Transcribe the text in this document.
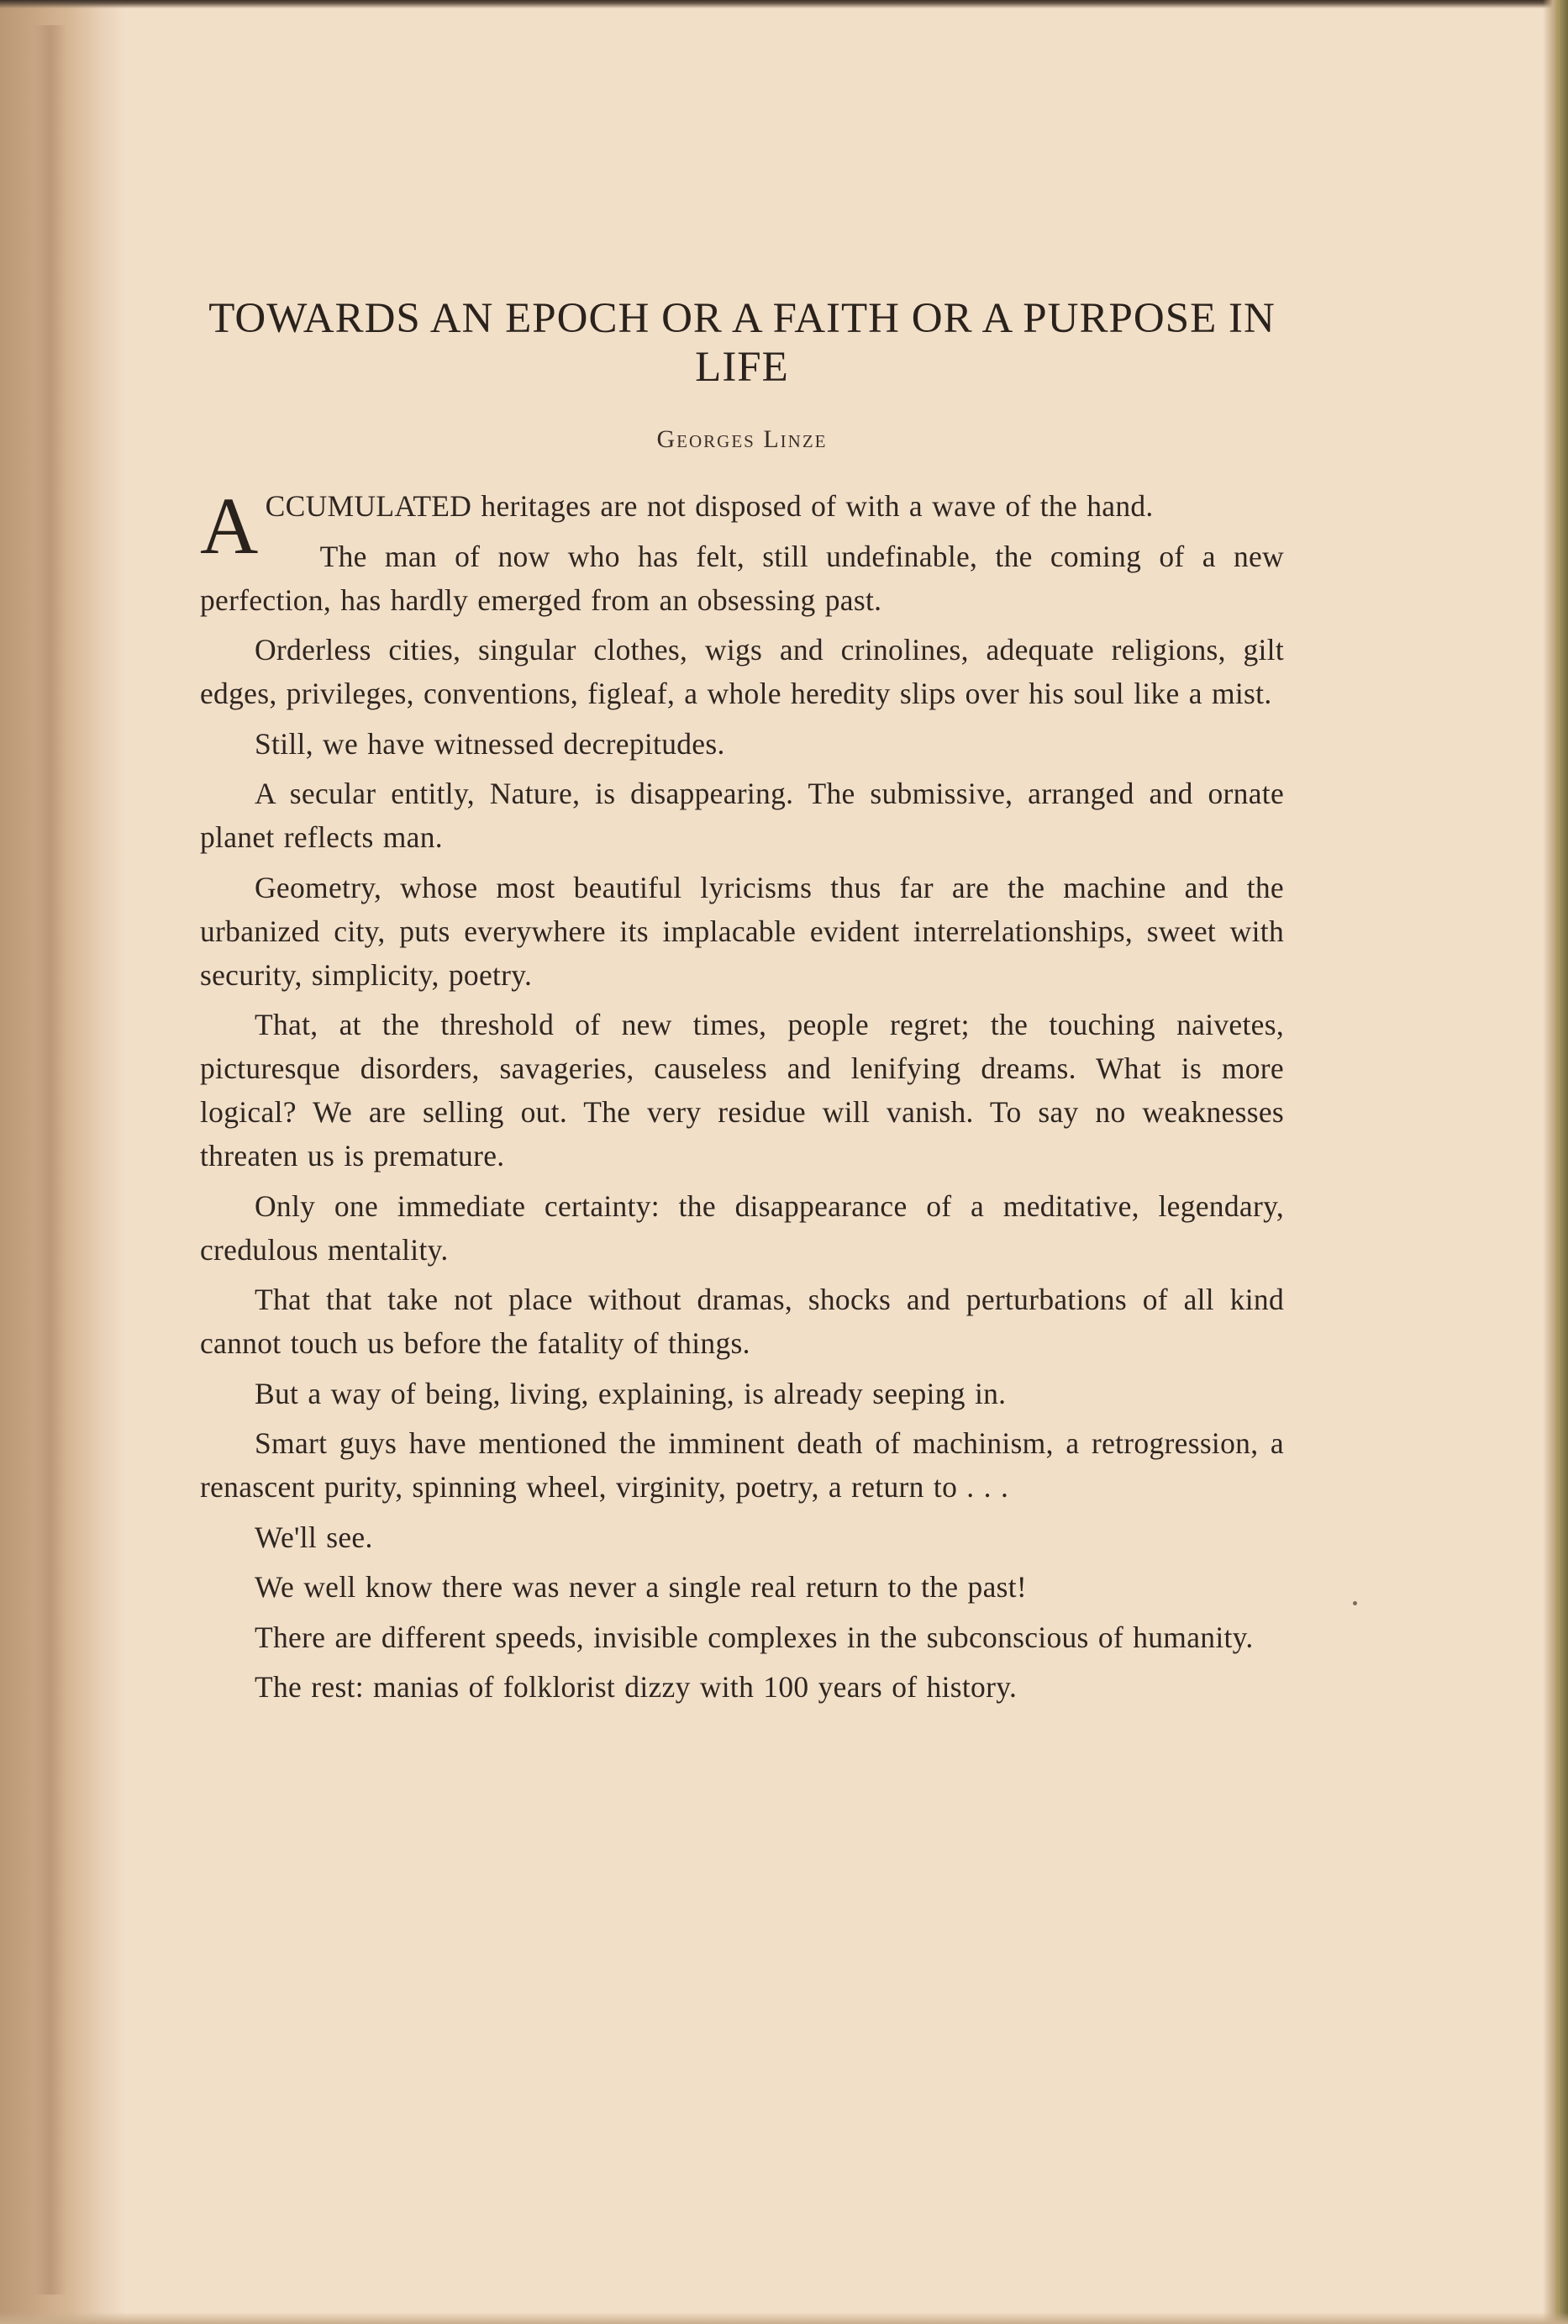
TOWARDS AN EPOCH OR A FAITH OR A PURPOSE IN LIFE
Georges Linze

ACCUMULATED heritages are not disposed of with a wave of the hand.

The man of now who has felt, still undefinable, the coming of a new perfection, has hardly emerged from an obsessing past.

Orderless cities, singular clothes, wigs and crinolines, adequate religions, gilt edges, privileges, conventions, figleaf, a whole heredity slips over his soul like a mist.

Still, we have witnessed decrepitudes.

A secular entitly, Nature, is disappearing. The submissive, arranged and ornate planet reflects man.

Geometry, whose most beautiful lyricisms thus far are the machine and the urbanized city, puts everywhere its implacable evident interrelationships, sweet with security, simplicity, poetry.

That, at the threshold of new times, people regret; the touching naivetes, picturesque disorders, savageries, causeless and lenifying dreams. What is more logical? We are selling out. The very residue will vanish. To say no weaknesses threaten us is premature.

Only one immediate certainty: the disappearance of a meditative, legendary, credulous mentality.

That that take not place without dramas, shocks and perturbations of all kind cannot touch us before the fatality of things.

But a way of being, living, explaining, is already seeping in.

Smart guys have mentioned the imminent death of machinism, a retrogression, a renascent purity, spinning wheel, virginity, poetry, a return to . . .

We'll see.

We well know there was never a single real return to the past!

There are different speeds, invisible complexes in the subconscious of humanity.

The rest: manias of folklorist dizzy with 100 years of history.
